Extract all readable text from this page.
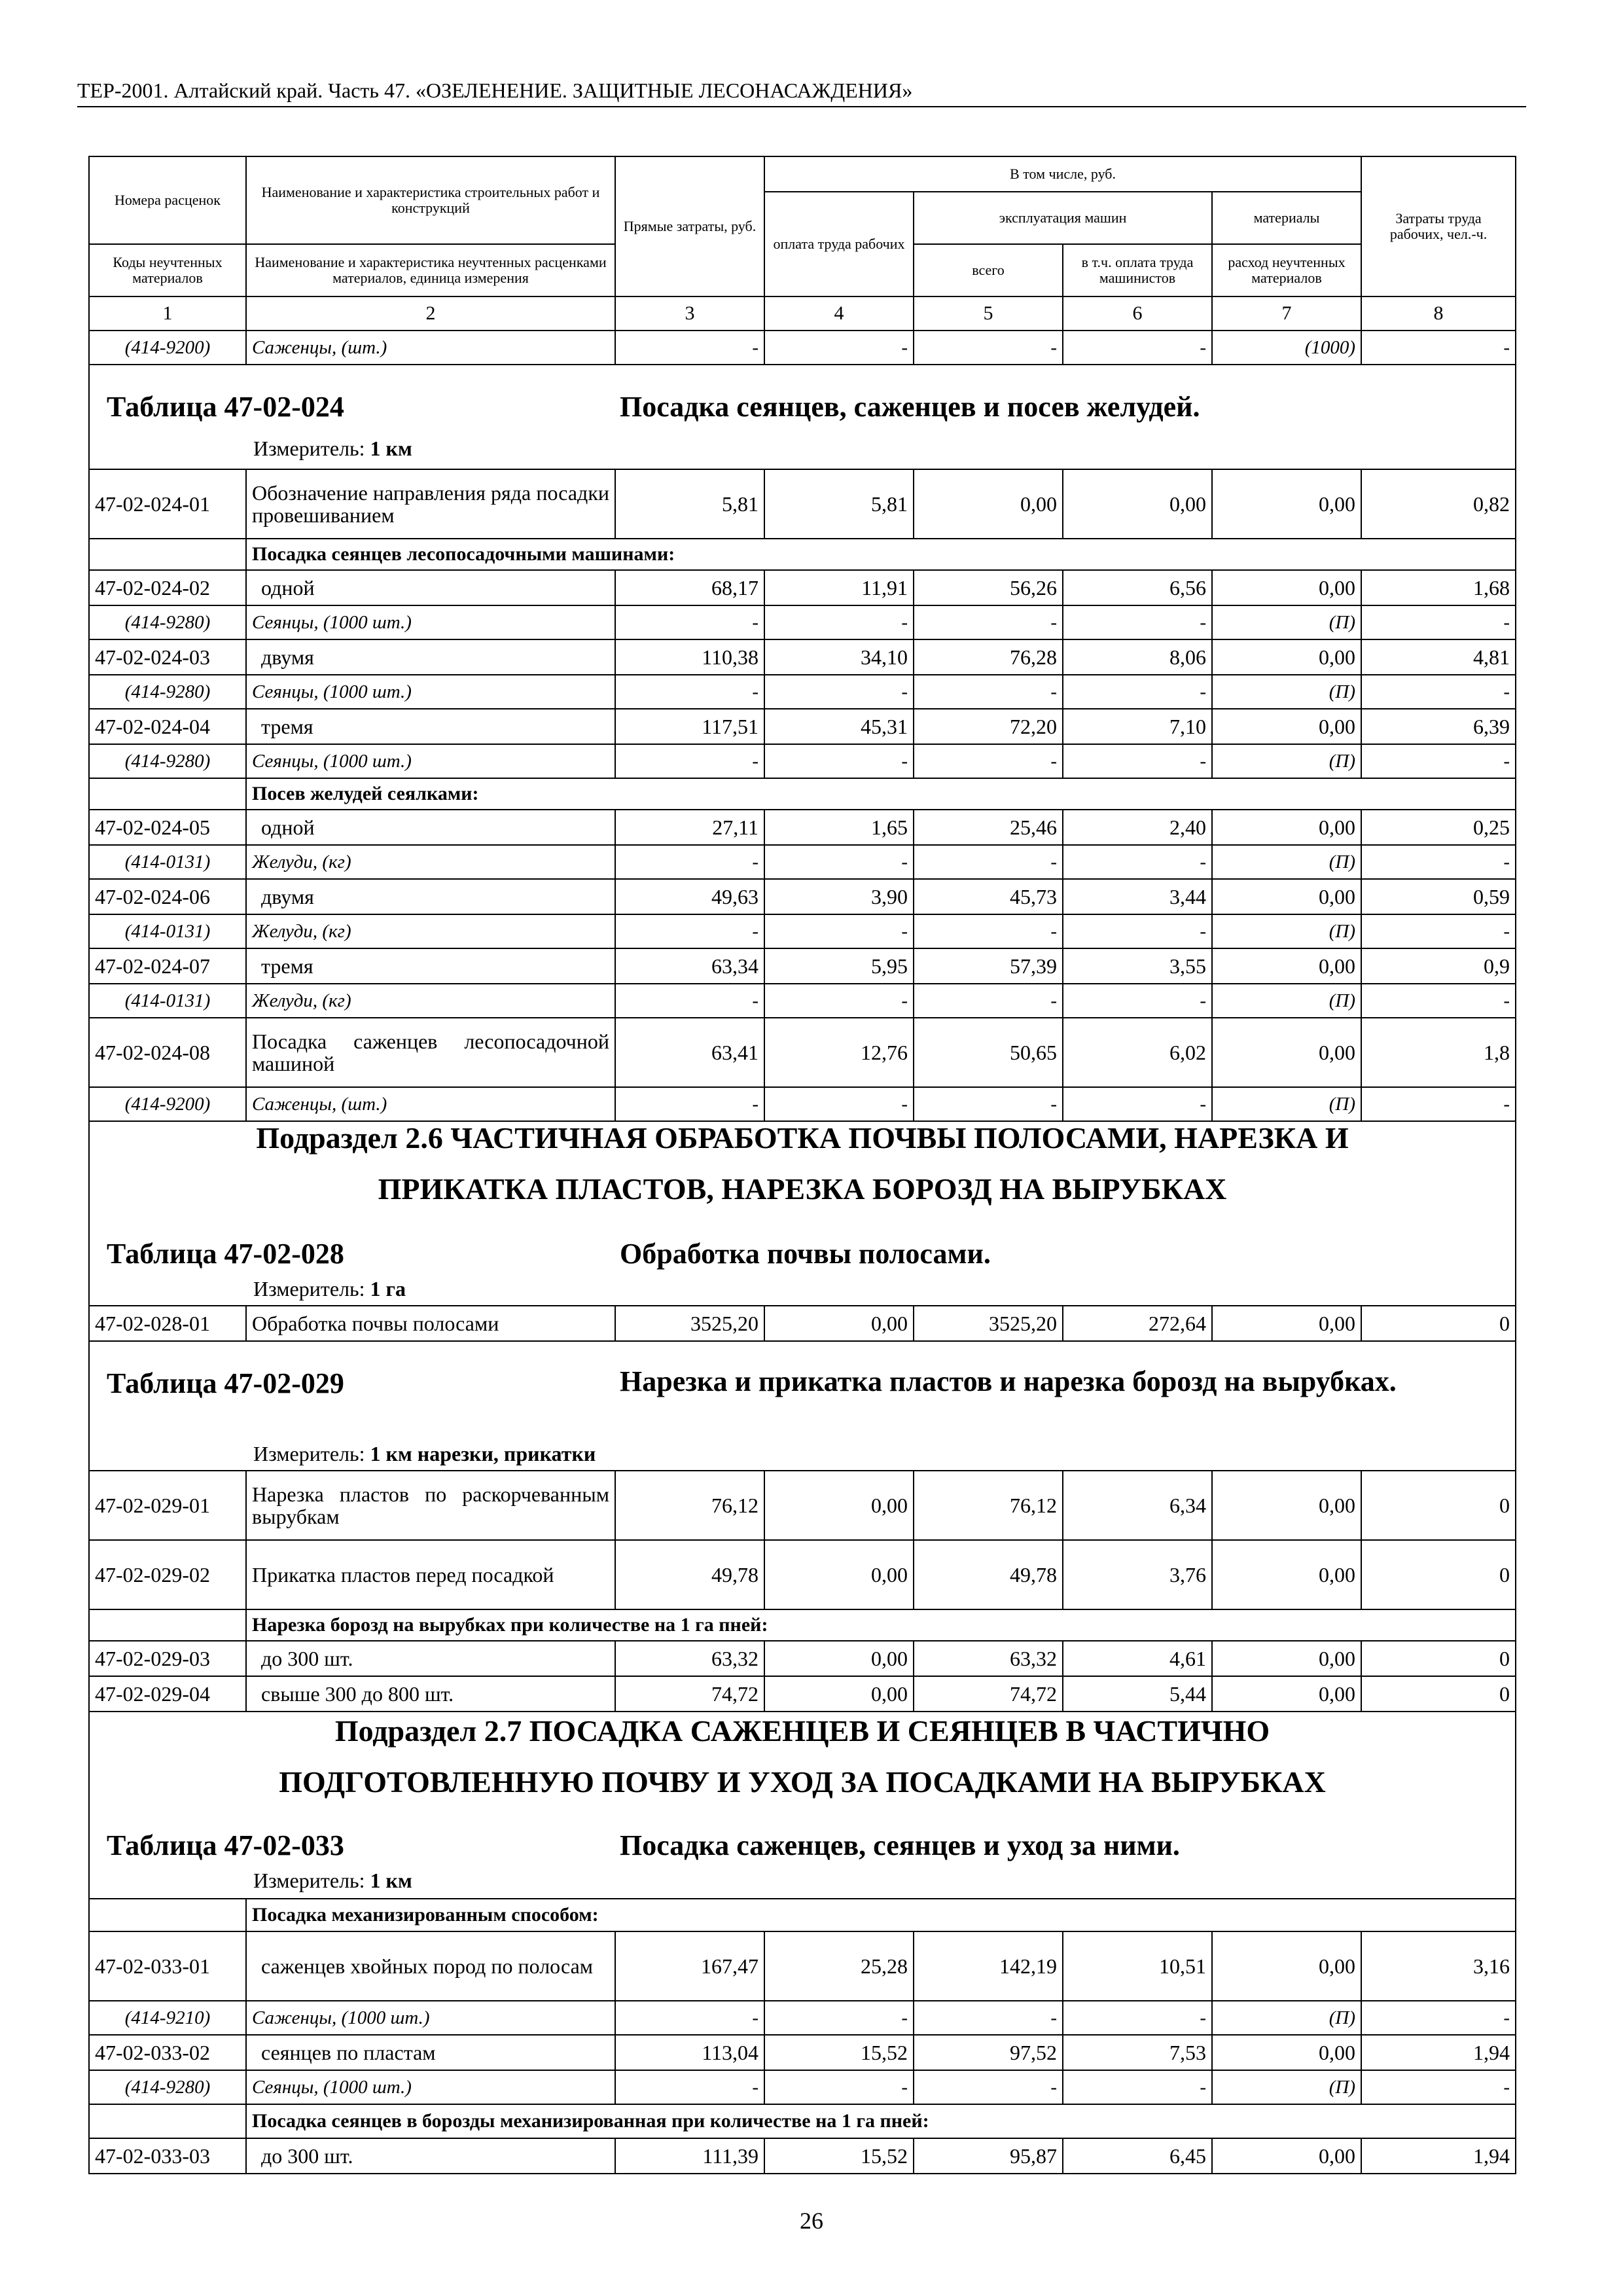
ТЕР-2001. Алтайский край. Часть 47. «ОЗЕЛЕНЕНИЕ. ЗАЩИТНЫЕ ЛЕСОНАСАЖДЕНИЯ»
Номера расценок	Наименование и характеристика строительных работ и конструкций	Прямые затраты, руб.	В том числе, руб.				Затраты труда рабочих, чел.-ч.
			оплата труда рабочих	эксплуатация машин		материалы	
Коды неучтенных материалов	Наименование и характеристика неучтенных расценками материалов, единица измерения			всего	в т.ч. оплата труда машинистов	расход неучтенных материалов	

1	2	3	4	5	6	7	8
(414-9200)	Саженцы, (шт.)	-	-	-	-	(1000)	-

Таблица 47-02-024 Посадка сеянцев, саженцев и посев желудей.
Измеритель: 1 км							

47-02-024-01	Обозначение направления ряда посадки провешиванием	5,81	5,81	0,00	0,00	0,00	0,82
	Посадка сеянцев лесопосадочными машинами:						
47-02-024-02	одной	68,17	11,91	56,26	6,56	0,00	1,68
(414-9280)	Сеянцы, (1000 шт.)	-	-	-	-	(П)	-
47-02-024-03	двумя	110,38	34,10	76,28	8,06	0,00	4,81
(414-9280)	Сеянцы, (1000 шт.)	-	-	-	-	(П)	-
47-02-024-04	тремя	117,51	45,31	72,20	7,10	0,00	6,39
(414-9280)	Сеянцы, (1000 шт.)	-	-	-	-	(П)	-
	Посев желудей сеялками:						
47-02-024-05	одной	27,11	1,65	25,46	2,40	0,00	0,25
(414-0131)	Желуди, (кг)	-	-	-	-	(П)	-
47-02-024-06	двумя	49,63	3,90	45,73	3,44	0,00	0,59
(414-0131)	Желуди, (кг)	-	-	-	-	(П)	-
47-02-024-07	тремя	63,34	5,95	57,39	3,55	0,00	0,9
(414-0131)	Желуди, (кг)	-	-	-	-	(П)	-
47-02-024-08	Посадка саженцев лесопосадочной машиной	63,41	12,76	50,65	6,02	0,00	1,8
(414-9200)	Саженцы, (шт.)	-	-	-	-	(П)	-

Подраздел 2.6 ЧАСТИЧНАЯ ОБРАБОТКА ПОЧВЫ ПОЛОСАМИ, НАРЕЗКА И
ПРИКАТКА ПЛАСТОВ, НАРЕЗКА БОРОЗД НА ВЫРУБКАХ
Таблица 47-02-028 Обработка почвы полосами.
Измеритель: 1 га							

47-02-028-01	Обработка почвы полосами	3525,20	0,00	3525,20	272,64	0,00	0

Таблица 47-02-029 Нарезка и прикатка пластов и нарезка борозд на вырубках.
Измеритель: 1 км нарезки, прикатки							

47-02-029-01	Нарезка пластов по раскорчеванным вырубкам	76,12	0,00	76,12	6,34	0,00	0
47-02-029-02	Прикатка пластов перед посадкой	49,78	0,00	49,78	3,76	0,00	0
	Нарезка борозд на вырубках при количестве на 1 га пней:						
47-02-029-03	до 300 шт.	63,32	0,00	63,32	4,61	0,00	0
47-02-029-04	свыше 300 до 800 шт.	74,72	0,00	74,72	5,44	0,00	0

Подраздел 2.7 ПОСАДКА САЖЕНЦЕВ И СЕЯНЦЕВ В ЧАСТИЧНО
ПОДГОТОВЛЕННУЮ ПОЧВУ И УХОД ЗА ПОСАДКАМИ НА ВЫРУБКАХ
Таблица 47-02-033 Посадка саженцев, сеянцев и уход за ними.
Измеритель: 1 км							

	Посадка механизированным способом:						
47-02-033-01	саженцев хвойных пород по полосам	167,47	25,28	142,19	10,51	0,00	3,16
(414-9210)	Саженцы, (1000 шт.)	-	-	-	-	(П)	-
47-02-033-02	сеянцев по пластам	113,04	15,52	97,52	7,53	0,00	1,94
(414-9280)	Сеянцы, (1000 шт.)	-	-	-	-	(П)	-
	Посадка сеянцев в борозды механизированная при количестве на 1 га пней:						
47-02-033-03	до 300 шт.	111,39	15,52	95,87	6,45	0,00	1,94
26
